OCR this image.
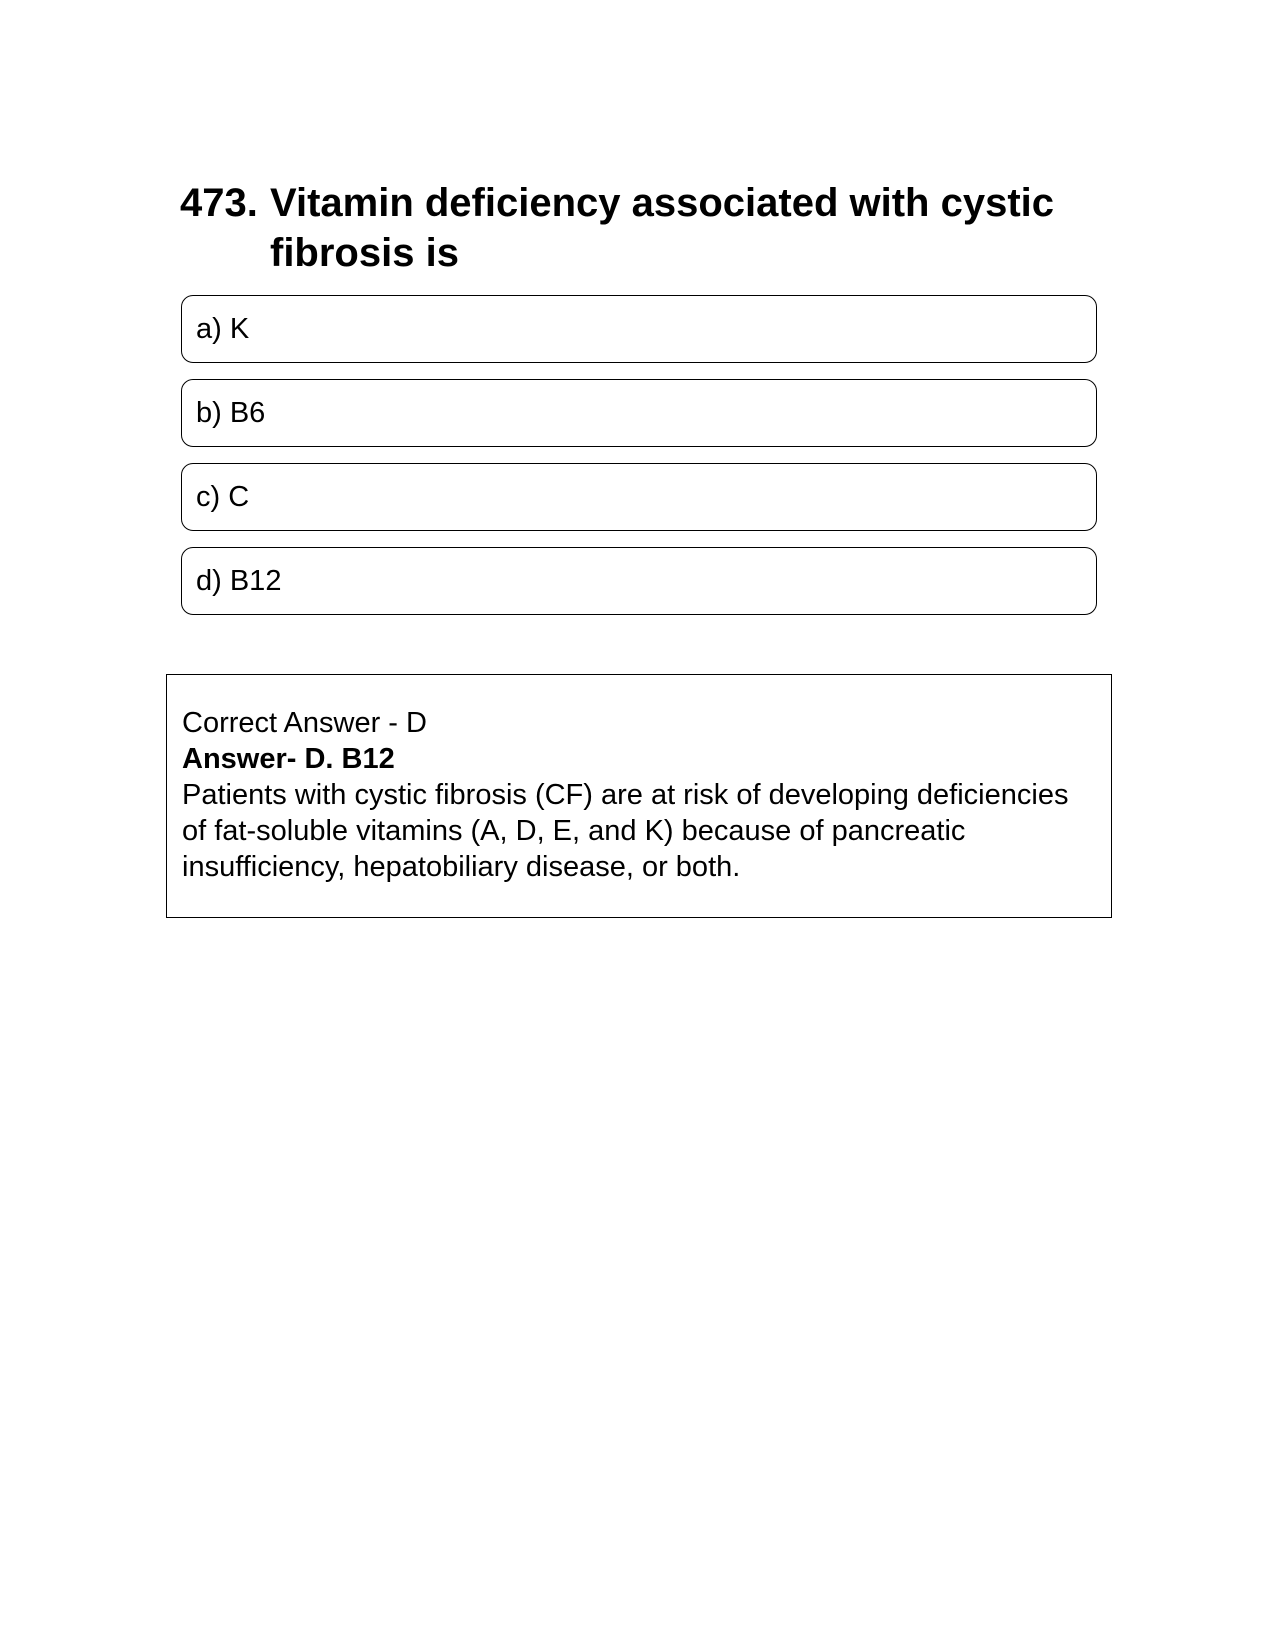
473. Vitamin deficiency associated with cystic fibrosis is
a) K
b) B6
c) C
d) B12

Correct Answer - D

Answer- D. B12

Patients with cystic fibrosis (CF) are at risk of developing deficiencies of fat-soluble vitamins (A, D, E, and K) because of pancreatic insufficiency, hepatobiliary disease, or both.
